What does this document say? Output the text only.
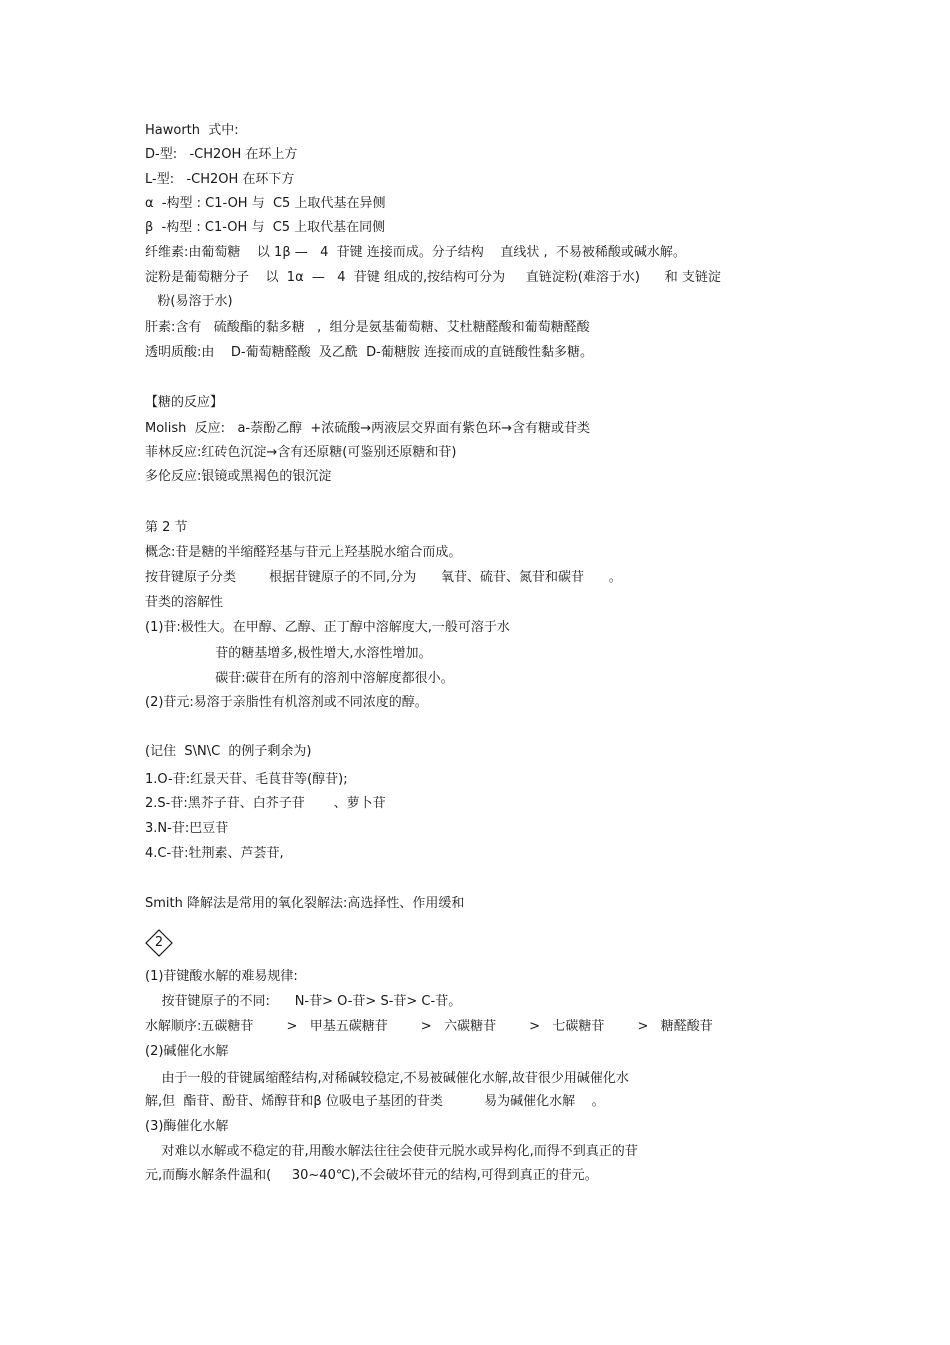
Haworth  式中:
D-型:   -CH2OH 在环上方
L-型:   -CH2OH 在环下方
α  -构型 : C1-OH 与  C5 上取代基在异侧
β  -构型 : C1-OH 与  C5 上取代基在同侧
纤维素:由葡萄糖    以 1β —   4  苷键 连接而成。分子结构    直线状 ,  不易被稀酸或碱水解。
淀粉是葡萄糖分子    以  1α  —   4  苷键 组成的,按结构可分为     直链淀粉(难溶于水)      和 支链淀
粉(易溶于水)
肝素:含有   硫酸酯的黏多糖   ,  组分是氨基葡萄糖、艾杜糖醛酸和葡萄糖醛酸
透明质酸:由    D-葡萄糖醛酸  及乙酰  D-葡糖胺 连接而成的直链酸性黏多糖。
【糖的反应】
Molish  反应:   a-萘酚乙醇  +浓硫酸→两液层交界面有紫色环→含有糖或苷类
菲林反应:红砖色沉淀→含有还原糖(可鉴别还原糖和苷)
多伦反应:银镜或黑褐色的银沉淀
第 2 节
概念:苷是糖的半缩醛羟基与苷元上羟基脱水缩合而成。
按苷键原子分类        根据苷键原子的不同,分为      氧苷、硫苷、氮苷和碳苷      。
苷类的溶解性
(1)苷:极性大。在甲醇、乙醇、正丁醇中溶解度大,一般可溶于水
苷的糖基增多,极性增大,水溶性增加。
碳苷:碳苷在所有的溶剂中溶解度都很小。
(2)苷元:易溶于亲脂性有机溶剂或不同浓度的醇。
(记住  S\N\C  的例子剩余为)
1.O-苷:红景天苷、毛茛苷等(醇苷);
2.S-苷:黑芥子苷、白芥子苷       、萝卜苷
3.N-苷:巴豆苷
4.C-苷:牡荆素、芦荟苷,
Smith 降解法是常用的氧化裂解法:高选择性、作用缓和
2
(1)苷键酸水解的难易规律:
按苷键原子的不同:      N-苷> O-苷> S-苷> C-苷。
水解顺序:五碳糖苷        >   甲基五碳糖苷        >   六碳糖苷        >   七碳糖苷        >   糖醛酸苷
(2)碱催化水解
由于一般的苷键属缩醛结构,对稀碱较稳定,不易被碱催化水解,故苷很少用碱催化水
解,但  酯苷、酚苷、烯醇苷和β 位吸电子基团的苷类          易为碱催化水解    。
(3)酶催化水解
对难以水解或不稳定的苷,用酸水解法往往会使苷元脱水或异构化,而得不到真正的苷
元,而酶水解条件温和(     30~40℃),不会破坏苷元的结构,可得到真正的苷元。
